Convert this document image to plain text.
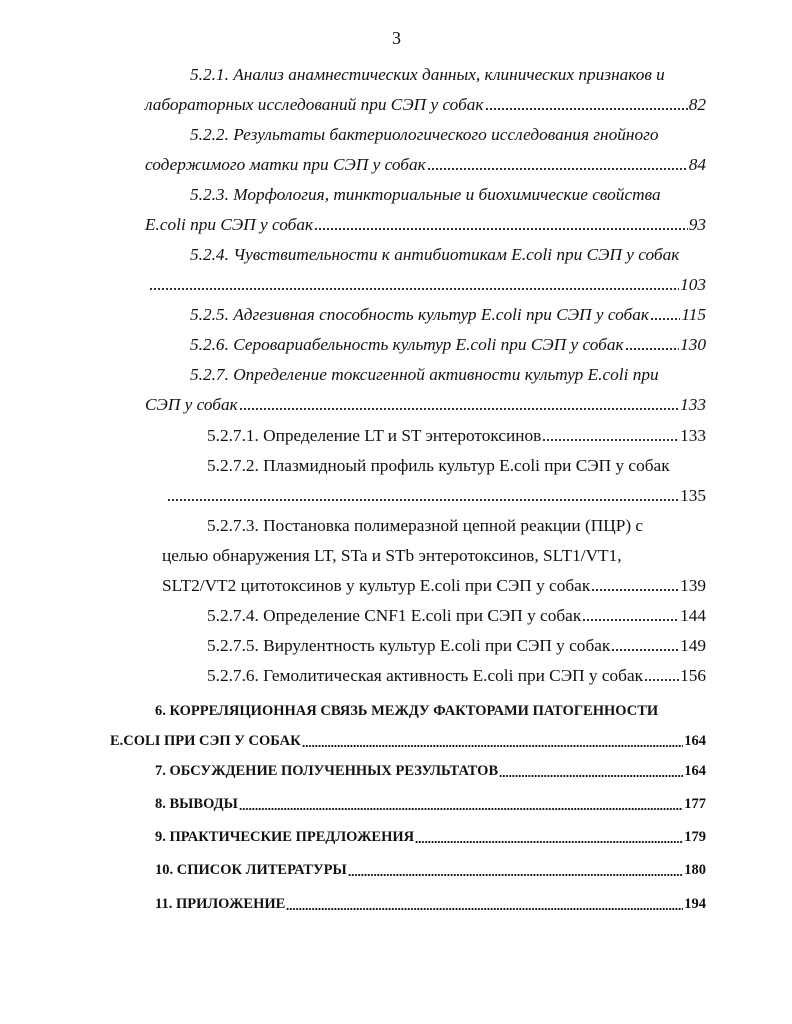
3
5.2.1. Анализ анамнестических данных, клинических признаков и
лабораторных исследований при СЭП у собак	82
5.2.2. Результаты бактериологического исследования гнойного
содержимого матки при СЭП у собак	84
5.2.3. Морфология, тинкториальные и биохимические свойства
E.coli при СЭП у собак	93
5.2.4. Чувствительности к антибиотикам E.coli при СЭП у собак
103
5.2.5. Адгезивная способность культур E.coli при СЭП у собак 115
5.2.6. Серовариабельность культур E.coli при СЭП у собак	130
5.2.7. Определение токсигенной активности культур E.coli при
СЭП у собак	133
5.2.7.1. Определение LT и ST энтеротоксинов	133
5.2.7.2. Плазмидноый профиль культур E.coli при СЭП у собак
135
5.2.7.3. Постановка полимеразной цепной реакции (ПЦР) с
целью обнаружения LT, STa и STb энтеротоксинов, SLT1/VT1,
SLT2/VT2 цитотоксинов у культур E.coli при СЭП у собак	139
5.2.7.4. Определение CNF1 E.coli при СЭП у собак	144
5.2.7.5. Вирулентность культур E.coli при СЭП у собак	149
5.2.7.6. Гемолитическая активность E.coli при СЭП у собак 156
6. КОРРЕЛЯЦИОННАЯ СВЯЗЬ МЕЖДУ ФАКТОРАМИ ПАТОГЕННОСТИ
E.COLI ПРИ СЭП У СОБАК	164
7. ОБСУЖДЕНИЕ ПОЛУЧЕННЫХ РЕЗУЛЬТАТОВ	164
8. ВЫВОДЫ	177
9. ПРАКТИЧЕСКИЕ ПРЕДЛОЖЕНИЯ	179
10. СПИСОК ЛИТЕРАТУРЫ	180
11. ПРИЛОЖЕНИЕ	194
